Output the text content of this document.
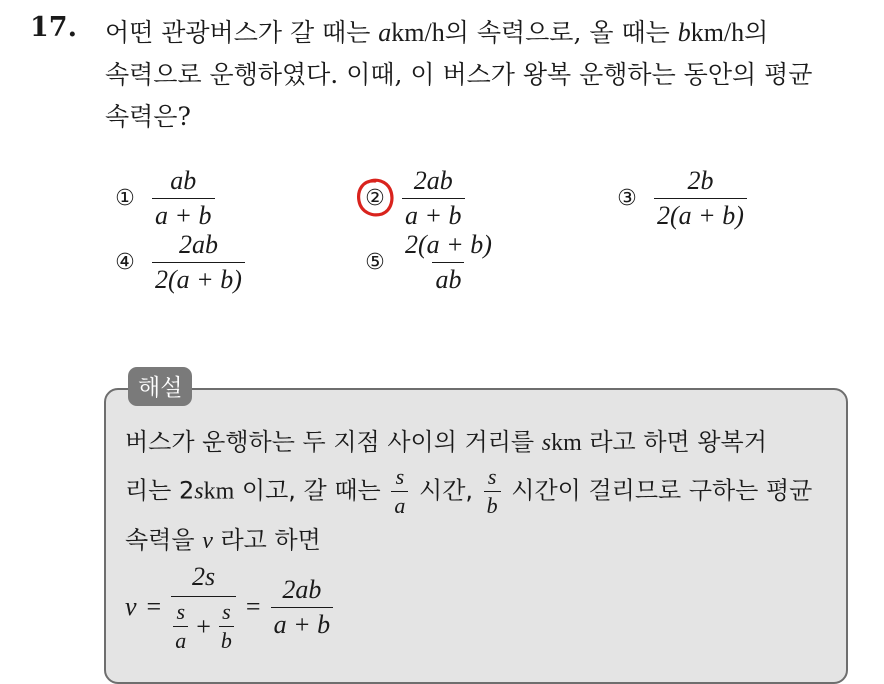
17. 어떤 관광버스가 갈 때는 akm/h의 속력으로, 올 때는 bkm/h의
속력으로 운행하였다. 이때, 이 버스가 왕복 운행하는 동안의 평균
속력은?
① $\frac{ab}{a + b}$	② $\frac{2ab}{a + b}$	③ $\frac{2b}{2(a + b)}$
④ $\frac{2ab}{2(a + b)}$	⑤ $\frac{2(a + b)}{ab}$
해설
버스가 운행하는 두 지점 사이의 거리를 skm 라고 하면 왕복거
리는 2skm 이고, 갈 때는 $\frac{s}{a}$ 시간, $\frac{s}{b}$ 시간이 걸리므로 구하는 평균
속력을 v 라고 하면
$v = \frac{2s}{\frac{s}{a} + \frac{s}{b}} = \frac{2ab}{a + b}$
